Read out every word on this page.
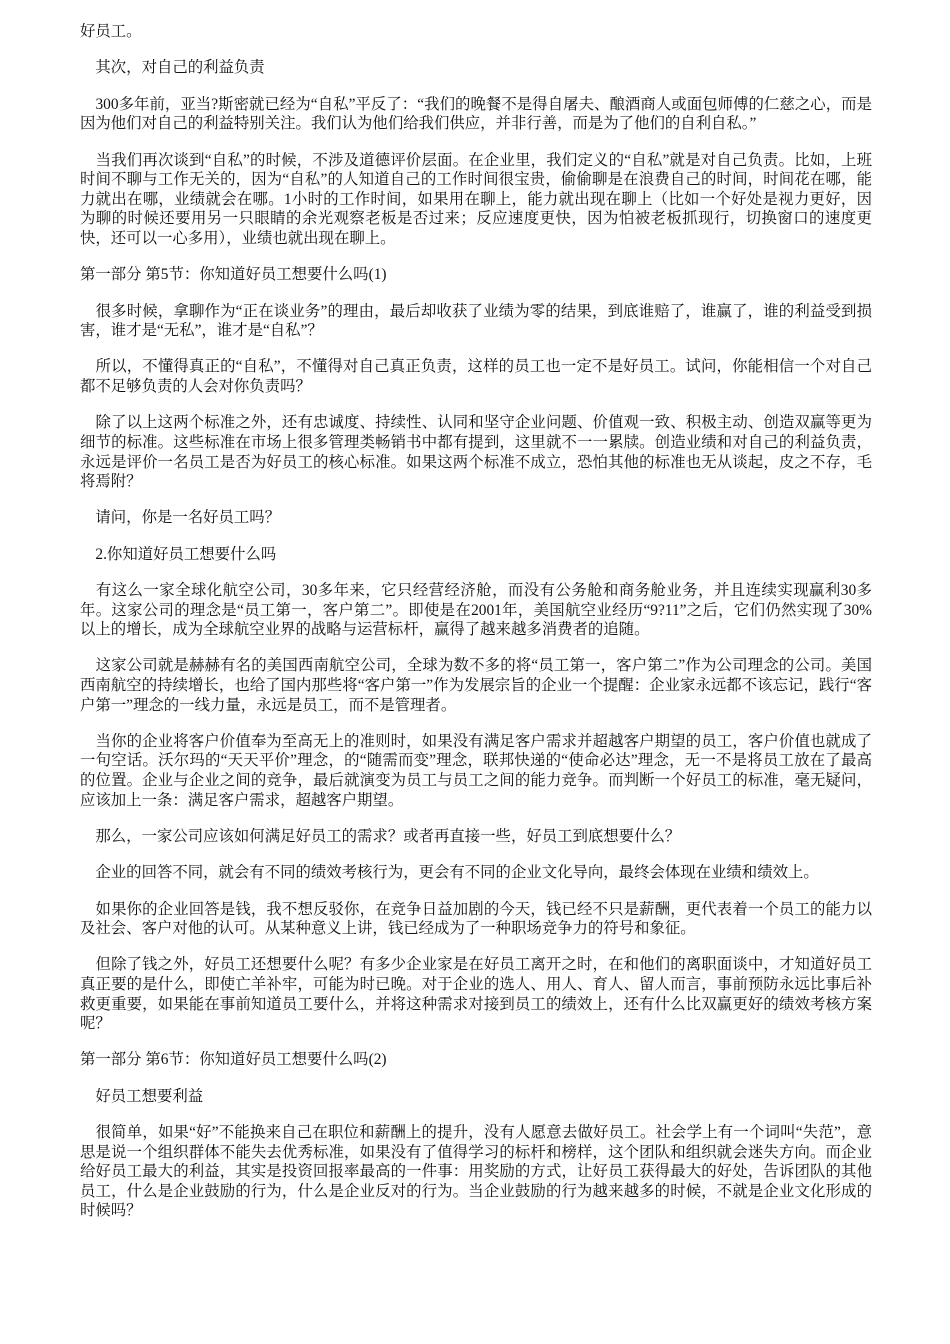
好员工。

　其次，对自己的利益负责

　300多年前，亚当?斯密就已经为“自私”平反了：“我们的晚餐不是得自屠夫、酿酒商人或面包师傅的仁慈之心，而是因为他们对自己的利益特别关注。我们认为他们给我们供应，并非行善，而是为了他们的自利自私。”

　当我们再次谈到“自私”的时候，不涉及道德评价层面。在企业里，我们定义的“自私”就是对自己负责。比如，上班时间不聊与工作无关的，因为“自私”的人知道自己的工作时间很宝贵，偷偷聊是在浪费自己的时间，时间花在哪，能力就出在哪，业绩就会在哪。1小时的工作时间，如果用在聊上，能力就出现在聊上（比如一个好处是视力更好，因为聊的时候还要用另一只眼睛的余光观察老板是否过来；反应速度更快，因为怕被老板抓现行，切换窗口的速度更快，还可以一心多用），业绩也就出现在聊上。

第一部分 第5节：你知道好员工想要什么吗(1)

　很多时候，拿聊作为“正在谈业务”的理由，最后却收获了业绩为零的结果，到底谁赔了，谁赢了，谁的利益受到损害，谁才是“无私”，谁才是“自私”？

　所以，不懂得真正的“自私”，不懂得对自己真正负责，这样的员工也一定不是好员工。试问，你能相信一个对自己都不足够负责的人会对你负责吗？

　除了以上这两个标准之外，还有忠诚度、持续性、认同和坚守企业问题、价值观一致、积极主动、创造双赢等更为细节的标准。这些标准在市场上很多管理类畅销书中都有提到，这里就不一一累牍。创造业绩和对自己的利益负责，永远是评价一名员工是否为好员工的核心标准。如果这两个标准不成立，恐怕其他的标准也无从谈起，皮之不存，毛将焉附？

　请问，你是一名好员工吗？

　2.你知道好员工想要什么吗

　有这么一家全球化航空公司，30多年来，它只经营经济舱，而没有公务舱和商务舱业务，并且连续实现赢利30多年。这家公司的理念是“员工第一，客户第二”。即使是在2001年，美国航空业经历“9?11”之后，它们仍然实现了30%以上的增长，成为全球航空业界的战略与运营标杆，赢得了越来越多消费者的追随。

　这家公司就是赫赫有名的美国西南航空公司，全球为数不多的将“员工第一，客户第二”作为公司理念的公司。美国西南航空的持续增长，也给了国内那些将“客户第一”作为发展宗旨的企业一个提醒：企业家永远都不该忘记，践行“客户第一”理念的一线力量，永远是员工，而不是管理者。

　当你的企业将客户价值奉为至高无上的准则时，如果没有满足客户需求并超越客户期望的员工，客户价值也就成了一句空话。沃尔玛的“天天平价”理念，的“随需而变”理念，联邦快递的“使命必达”理念，无一不是将员工放在了最高的位置。企业与企业之间的竞争，最后就演变为员工与员工之间的能力竞争。而判断一个好员工的标准，毫无疑问，应该加上一条：满足客户需求，超越客户期望。

　那么，一家公司应该如何满足好员工的需求？或者再直接一些，好员工到底想要什么？

　企业的回答不同，就会有不同的绩效考核行为，更会有不同的企业文化导向，最终会体现在业绩和绩效上。

　如果你的企业回答是钱，我不想反驳你，在竞争日益加剧的今天，钱已经不只是薪酬，更代表着一个员工的能力以及社会、客户对他的认可。从某种意义上讲，钱已经成为了一种职场竞争力的符号和象征。

　但除了钱之外，好员工还想要什么呢？有多少企业家是在好员工离开之时，在和他们的离职面谈中，才知道好员工真正要的是什么，即使亡羊补牢，可能为时已晚。对于企业的选人、用人、育人、留人而言，事前预防永远比事后补救更重要，如果能在事前知道员工要什么，并将这种需求对接到员工的绩效上，还有什么比双赢更好的绩效考核方案呢？

第一部分 第6节：你知道好员工想要什么吗(2)

　好员工想要利益

　很简单，如果“好”不能换来自己在职位和薪酬上的提升，没有人愿意去做好员工。社会学上有一个词叫“失范”，意思是说一个组织群体不能失去优秀标准，如果没有了值得学习的标杆和榜样，这个团队和组织就会迷失方向。而企业给好员工最大的利益，其实是投资回报率最高的一件事：用奖励的方式，让好员工获得最大的好处，告诉团队的其他员工，什么是企业鼓励的行为，什么是企业反对的行为。当企业鼓励的行为越来越多的时候，不就是企业文化形成的时候吗？
